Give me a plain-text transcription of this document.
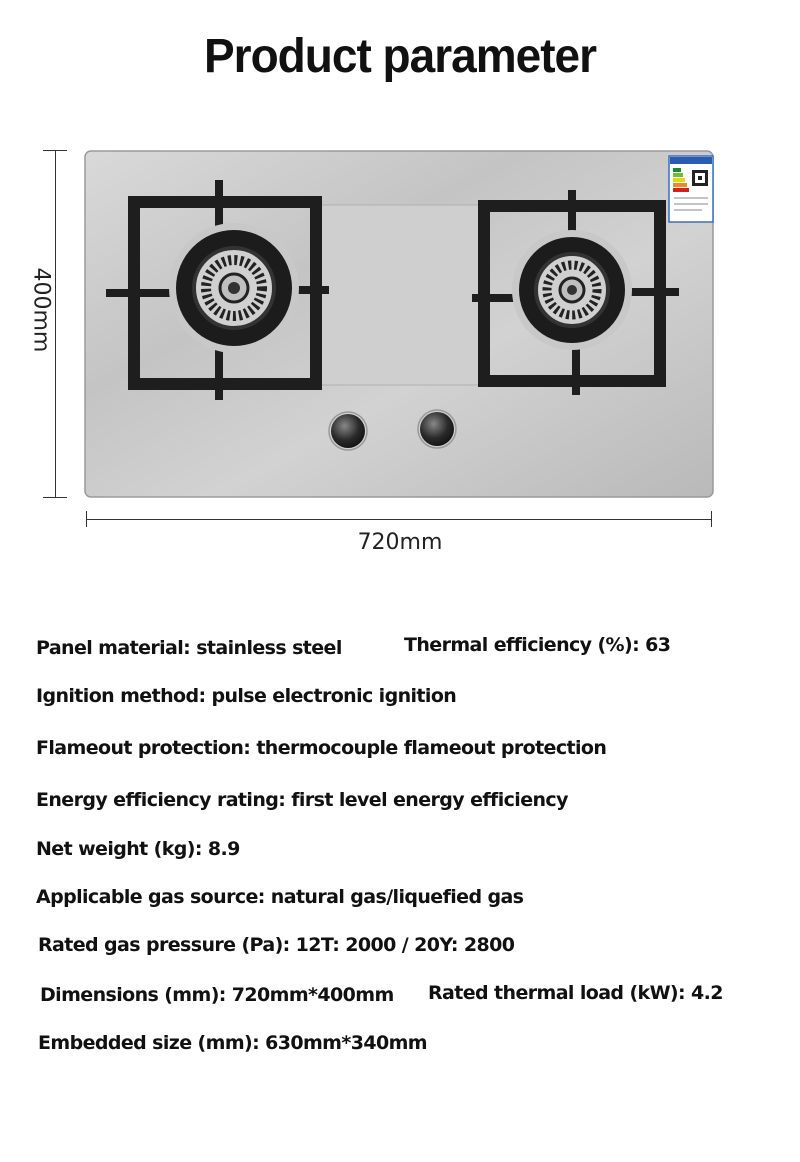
Product parameter
400mm
720mm
Panel material: stainless steel	Thermal efficiency (%): 63
Ignition method: pulse electronic ignition
Flameout protection: thermocouple flameout protection
Energy efficiency rating: first level energy efficiency
Net weight (kg): 8.9
Applicable gas source: natural gas/liquefied gas
Rated gas pressure (Pa): 12T: 2000 / 20Y: 2800
Dimensions (mm): 720mm*400mm Rated thermal load (kW): 4.2
Embedded size (mm): 630mm*340mm
